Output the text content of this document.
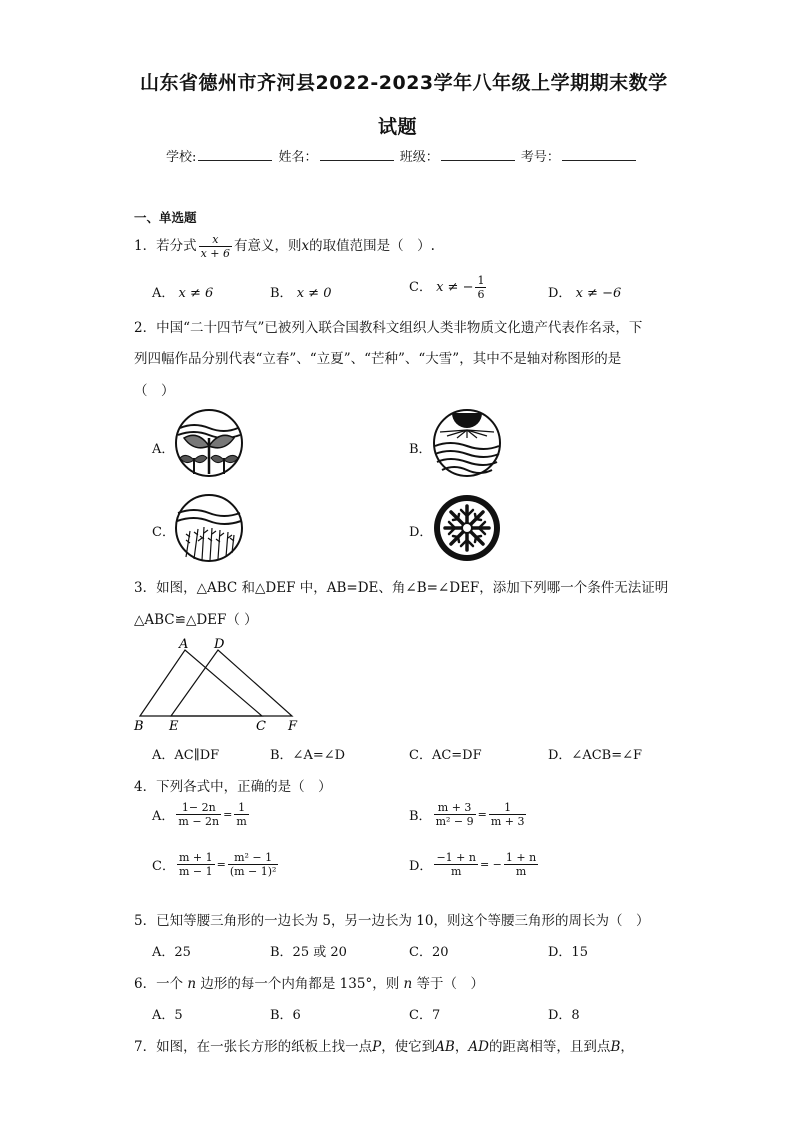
山东省德州市齐河县2022-2023学年八年级上学期期末数学
试题
学校:	姓名：	班级：	考号：
一、单选题
1．若分式 $\frac{x}{x + 6}$ 有意义，则x的取值范围是（　）.
A． x ≠ 6	B． x ≠ 0	C． x ≠ − $\frac{1}{6}$	D． x ≠ −6
2．中国“二十四节气”已被列入联合国教科文组织人类非物质文化遗产代表作名录，下
列四幅作品分别代表“立春”、“立夏”、“芒种”、“大雪”，其中不是轴对称图形的是
（　）
A．	B．
C．	D．
3．如图，△ABC 和△DEF 中，AB=DE、角∠B=∠DEF，添加下列哪一个条件无法证明
△ABC≌△DEF（ ）
A D
B E	C F
A．AC∥DF	B．∠A=∠D	C．AC=DF	D．∠ACB=∠F
4．下列各式中，正确的是（　）
A． $\frac{1- 2n}{m - 2n} = \frac{1}{m}$	B． $\frac{m + 3}{\text{m² − 9}} = \frac{1}{m + 3}$
C． $\frac{m + 1}{m - 1} = \frac{\text{m² − 1}}{\text{(m − 1)²}}$	D． $\frac{-1 + n}{m}$ = − $\frac{1 + n}{m}$
5．已知等腰三角形的一边长为 5，另一边长为 10，则这个等腰三角形的周长为（　）
A．25	B．25 或 20	C．20	D．15
6．一个 n 边形的每一个内角都是 135°，则 n 等于（　）
A．5	B．6	C．7	D．8
7．如图，在一张长方形的纸板上找一点P，使它到AB，AD的距离相等，且到点B，
